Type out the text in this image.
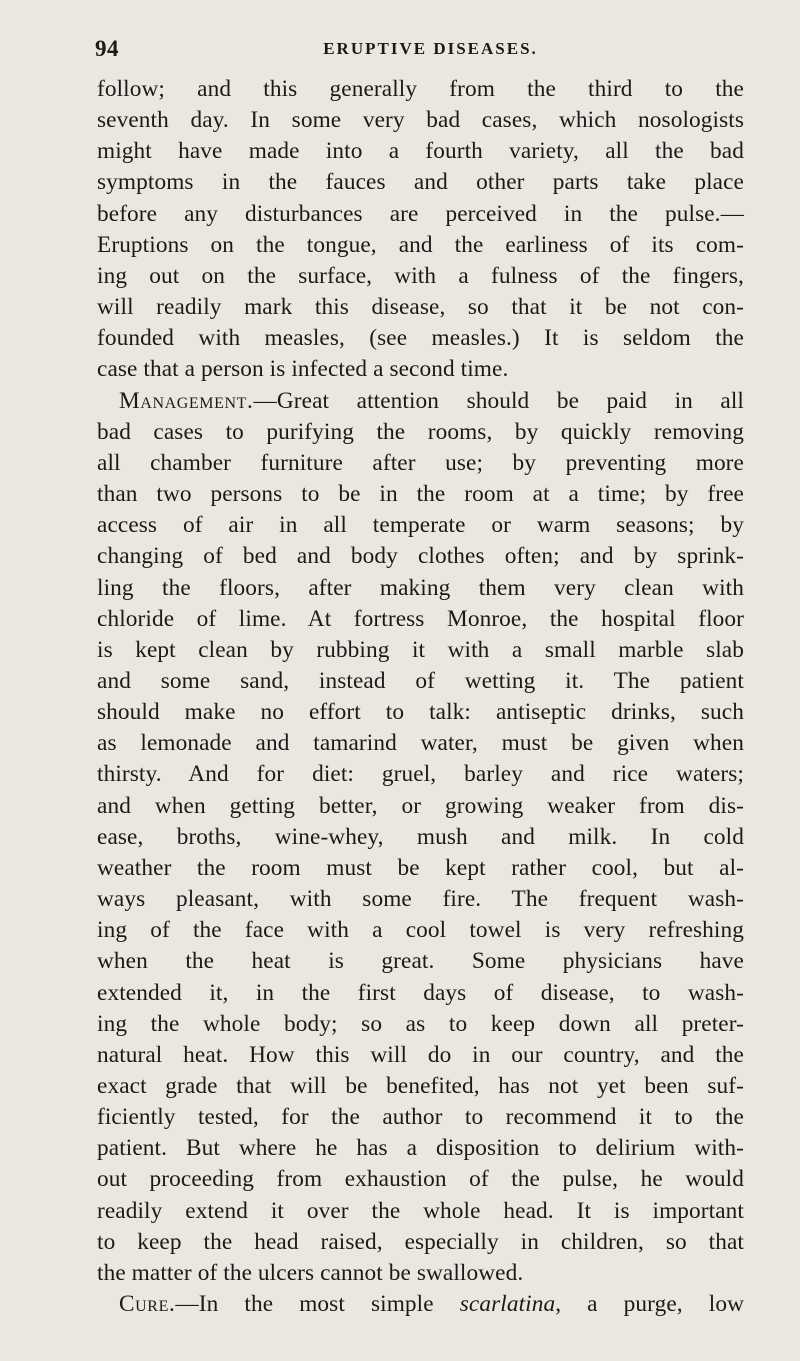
94	ERUPTIVE DISEASES.

follow; and this generally from the third to the

seventh day. In some very bad cases, which nosologists

might have made into a fourth variety, all the bad

symptoms in the fauces and other parts take place

before any disturbances are perceived in the pulse.—

Eruptions on the tongue, and the earliness of its com-

ing out on the surface, with a fulness of the fingers,

will readily mark this disease, so that it be not con-

founded with measles, (see measles.) It is seldom the

case that a person is infected a second time.

Management.—Great attention should be paid in all

bad cases to purifying the rooms, by quickly removing

all chamber furniture after use; by preventing more

than two persons to be in the room at a time; by free

access of air in all temperate or warm seasons; by

changing of bed and body clothes often; and by sprink-

ling the floors, after making them very clean with

chloride of lime. At fortress Monroe, the hospital floor

is kept clean by rubbing it with a small marble slab

and some sand, instead of wetting it. The patient

should make no effort to talk: antiseptic drinks, such

as lemonade and tamarind water, must be given when

thirsty. And for diet: gruel, barley and rice waters;

and when getting better, or growing weaker from dis-

ease, broths, wine-whey, mush and milk. In cold

weather the room must be kept rather cool, but al-

ways pleasant, with some fire. The frequent wash-

ing of the face with a cool towel is very refreshing

when the heat is great. Some physicians have

extended it, in the first days of disease, to wash-

ing the whole body; so as to keep down all preter-

natural heat. How this will do in our country, and the

exact grade that will be benefited, has not yet been suf-

ficiently tested, for the author to recommend it to the

patient. But where he has a disposition to delirium with-

out proceeding from exhaustion of the pulse, he would

readily extend it over the whole head. It is important

to keep the head raised, especially in children, so that

the matter of the ulcers cannot be swallowed.

Cure.—In the most simple scarlatina, a purge, low
